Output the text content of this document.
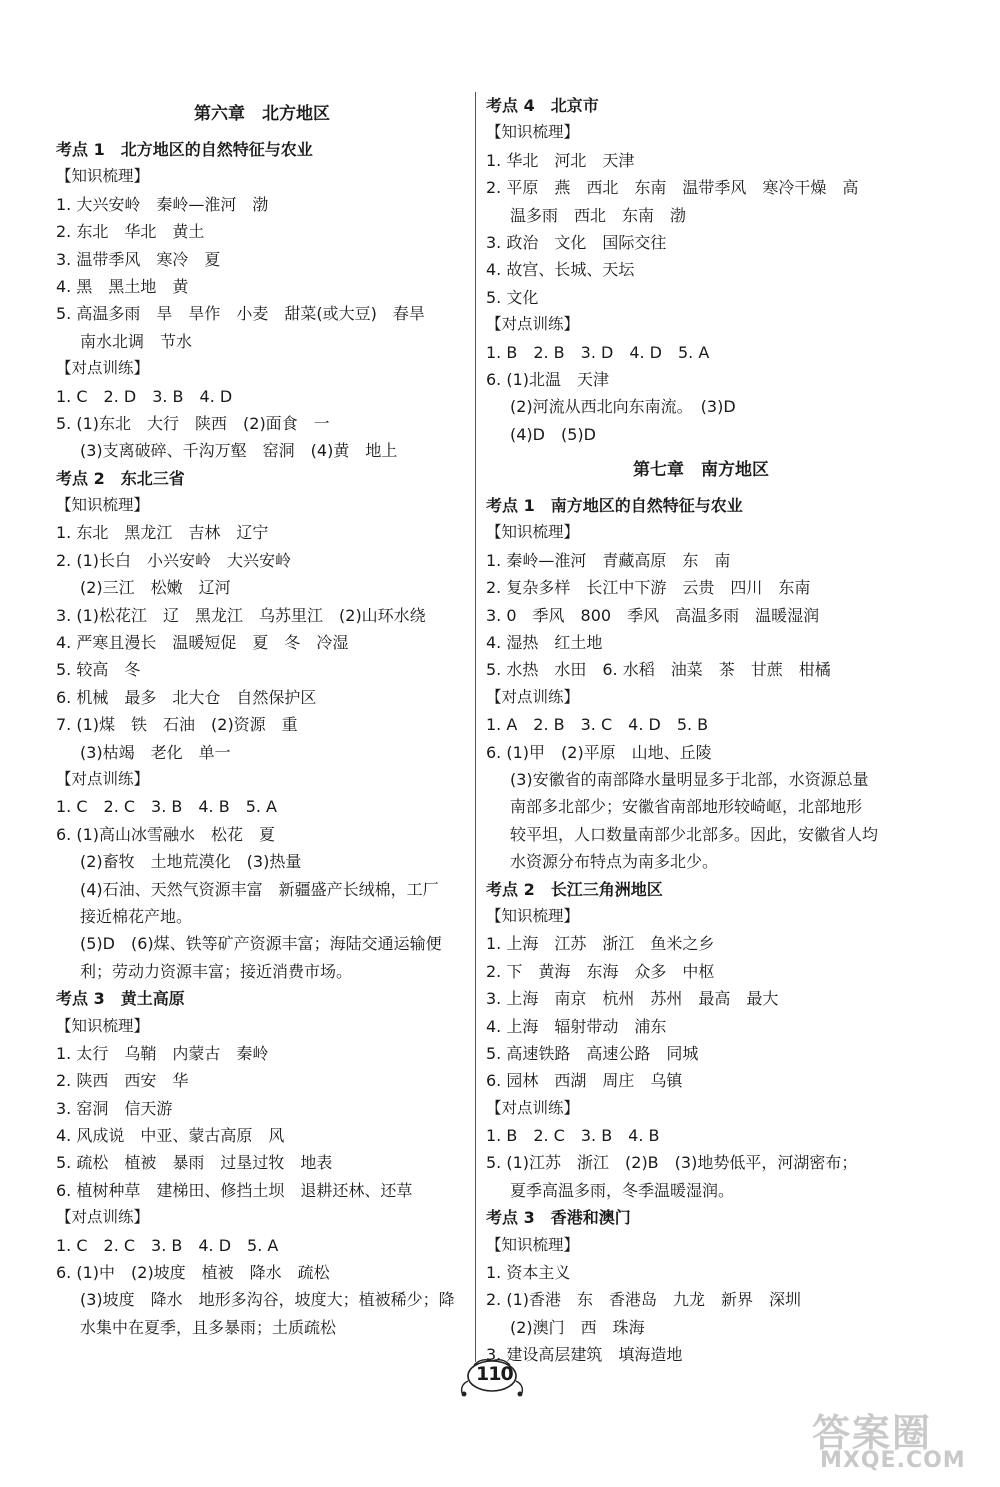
第六章　北方地区
考点 1　北方地区的自然特征与农业
【知识梳理】
1. 大兴安岭　秦岭—淮河　渤
2. 东北　华北　黄土
3. 温带季风　寒冷　夏
4. 黑　黑土地　黄
5. 高温多雨　旱　旱作　小麦　甜菜(或大豆)　春旱
南水北调　节水
【对点训练】
1. C　2. D　3. B　4. D
5. (1)东北　大行　陕西　(2)面食　一
(3)支离破碎、千沟万壑　窑洞　(4)黄　地上
考点 2　东北三省
【知识梳理】
1. 东北　黑龙江　吉林　辽宁
2. (1)长白　小兴安岭　大兴安岭
(2)三江　松嫩　辽河
3. (1)松花江　辽　黑龙江　乌苏里江　(2)山环水绕
4. 严寒且漫长　温暖短促　夏　冬　冷湿
5. 较高　冬
6. 机械　最多　北大仓　自然保护区
7. (1)煤　铁　石油　(2)资源　重
(3)枯竭　老化　单一
【对点训练】
1. C　2. C　3. B　4. B　5. A
6. (1)高山冰雪融水　松花　夏
(2)畜牧　土地荒漠化　(3)热量
(4)石油、天然气资源丰富　新疆盛产长绒棉，工厂
接近棉花产地。
(5)D　(6)煤、铁等矿产资源丰富；海陆交通运输便
利；劳动力资源丰富；接近消费市场。
考点 3　黄土高原
【知识梳理】
1. 太行　乌鞘　内蒙古　秦岭
2. 陕西　西安　华
3. 窑洞　信天游
4. 风成说　中亚、蒙古高原　风
5. 疏松　植被　暴雨　过垦过牧　地表
6. 植树种草　建梯田、修挡土坝　退耕还林、还草
【对点训练】
1. C　2. C　3. B　4. D　5. A
6. (1)中　(2)坡度　植被　降水　疏松
(3)坡度　降水　地形多沟谷，坡度大；植被稀少；降
水集中在夏季，且多暴雨；土质疏松
考点 4　北京市
【知识梳理】
1. 华北　河北　天津
2. 平原　燕　西北　东南　温带季风　寒冷干燥　高
温多雨　西北　东南　渤
3. 政治　文化　国际交往
4. 故宫、长城、天坛
5. 文化
【对点训练】
1. B　2. B　3. D　4. D　5. A
6. (1)北温　天津
(2)河流从西北向东南流。　(3)D
(4)D　(5)D
第七章　南方地区
考点 1　南方地区的自然特征与农业
【知识梳理】
1. 秦岭—淮河　青藏高原　东　南
2. 复杂多样　长江中下游　云贵　四川　东南
3. 0　季风　800　季风　高温多雨　温暖湿润
4. 湿热　红土地
5. 水热　水田　6. 水稻　油菜　茶　甘蔗　柑橘
【对点训练】
1. A　2. B　3. C　4. D　5. B
6. (1)甲　(2)平原　山地、丘陵
(3)安徽省的南部降水量明显多于北部，水资源总量
南部多北部少；安徽省南部地形较崎岖，北部地形
较平坦，人口数量南部少北部多。因此，安徽省人均
水资源分布特点为南多北少。
考点 2　长江三角洲地区
【知识梳理】
1. 上海　江苏　浙江　鱼米之乡
2. 下　黄海　东海　众多　中枢
3. 上海　南京　杭州　苏州　最高　最大
4. 上海　辐射带动　浦东
5. 高速铁路　高速公路　同城
6. 园林　西湖　周庄　乌镇
【对点训练】
1. B　2. C　3. B　4. B
5. (1)江苏　浙江　(2)B　(3)地势低平，河湖密布；
夏季高温多雨，冬季温暖湿润。
考点 3　香港和澳门
【知识梳理】
1. 资本主义
2. (1)香港　东　香港岛　九龙　新界　深圳
(2)澳门　西　珠海
3. 建设高层建筑　填海造地
110
答案圈
MXQE.COM
